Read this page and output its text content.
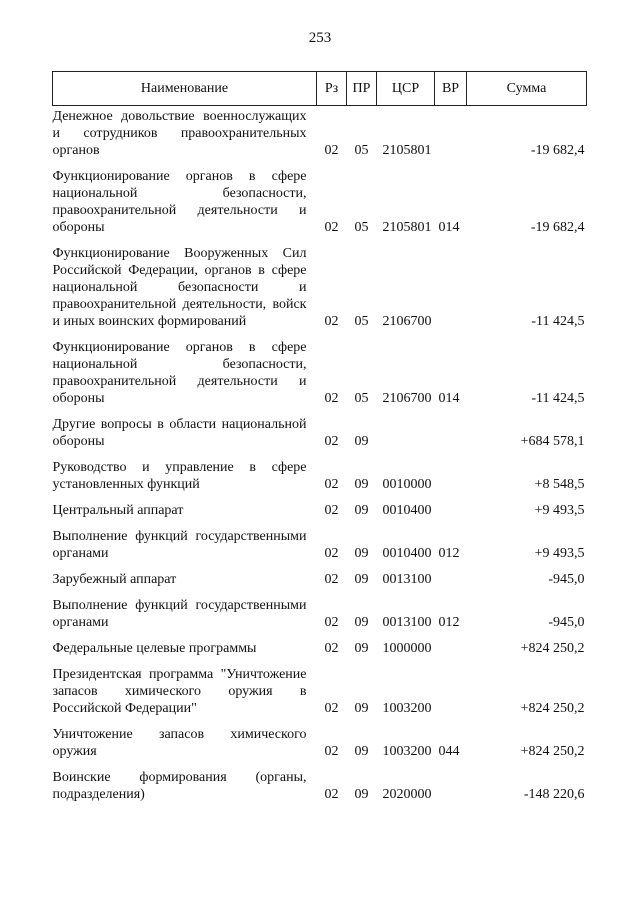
253
Наименование	Рз	ПР	ЦСР	ВР	Сумма
Денежное довольствие военнослужащих и сотрудников правоохранительных органов	02	05	2105801		-19 682,4
Функционирование органов в сфере национальной безопасности, правоохранительной деятельности и обороны	02	05	2105801	014	-19 682,4
Функционирование Вооруженных Сил Российской Федерации, органов в сфере национальной безопасности и правоохранительной деятельности, войск и иных воинских формирований	02	05	2106700		-11 424,5
Функционирование органов в сфере национальной безопасности, правоохранительной деятельности и обороны	02	05	2106700	014	-11 424,5
Другие вопросы в области национальной обороны	02	09			+684 578,1
Руководство и управление в сфере установленных функций	02	09	0010000		+8 548,5
Центральный аппарат	02	09	0010400		+9 493,5
Выполнение функций государственными органами	02	09	0010400	012	+9 493,5
Зарубежный аппарат	02	09	0013100		-945,0
Выполнение функций государственными органами	02	09	0013100	012	-945,0
Федеральные целевые программы	02	09	1000000		+824 250,2
Президентская программа "Уничтожение запасов химического оружия в Российской Федерации"	02	09	1003200		+824 250,2
Уничтожение запасов химического оружия	02	09	1003200	044	+824 250,2
Воинские формирования (органы, подразделения)	02	09	2020000		-148 220,6
